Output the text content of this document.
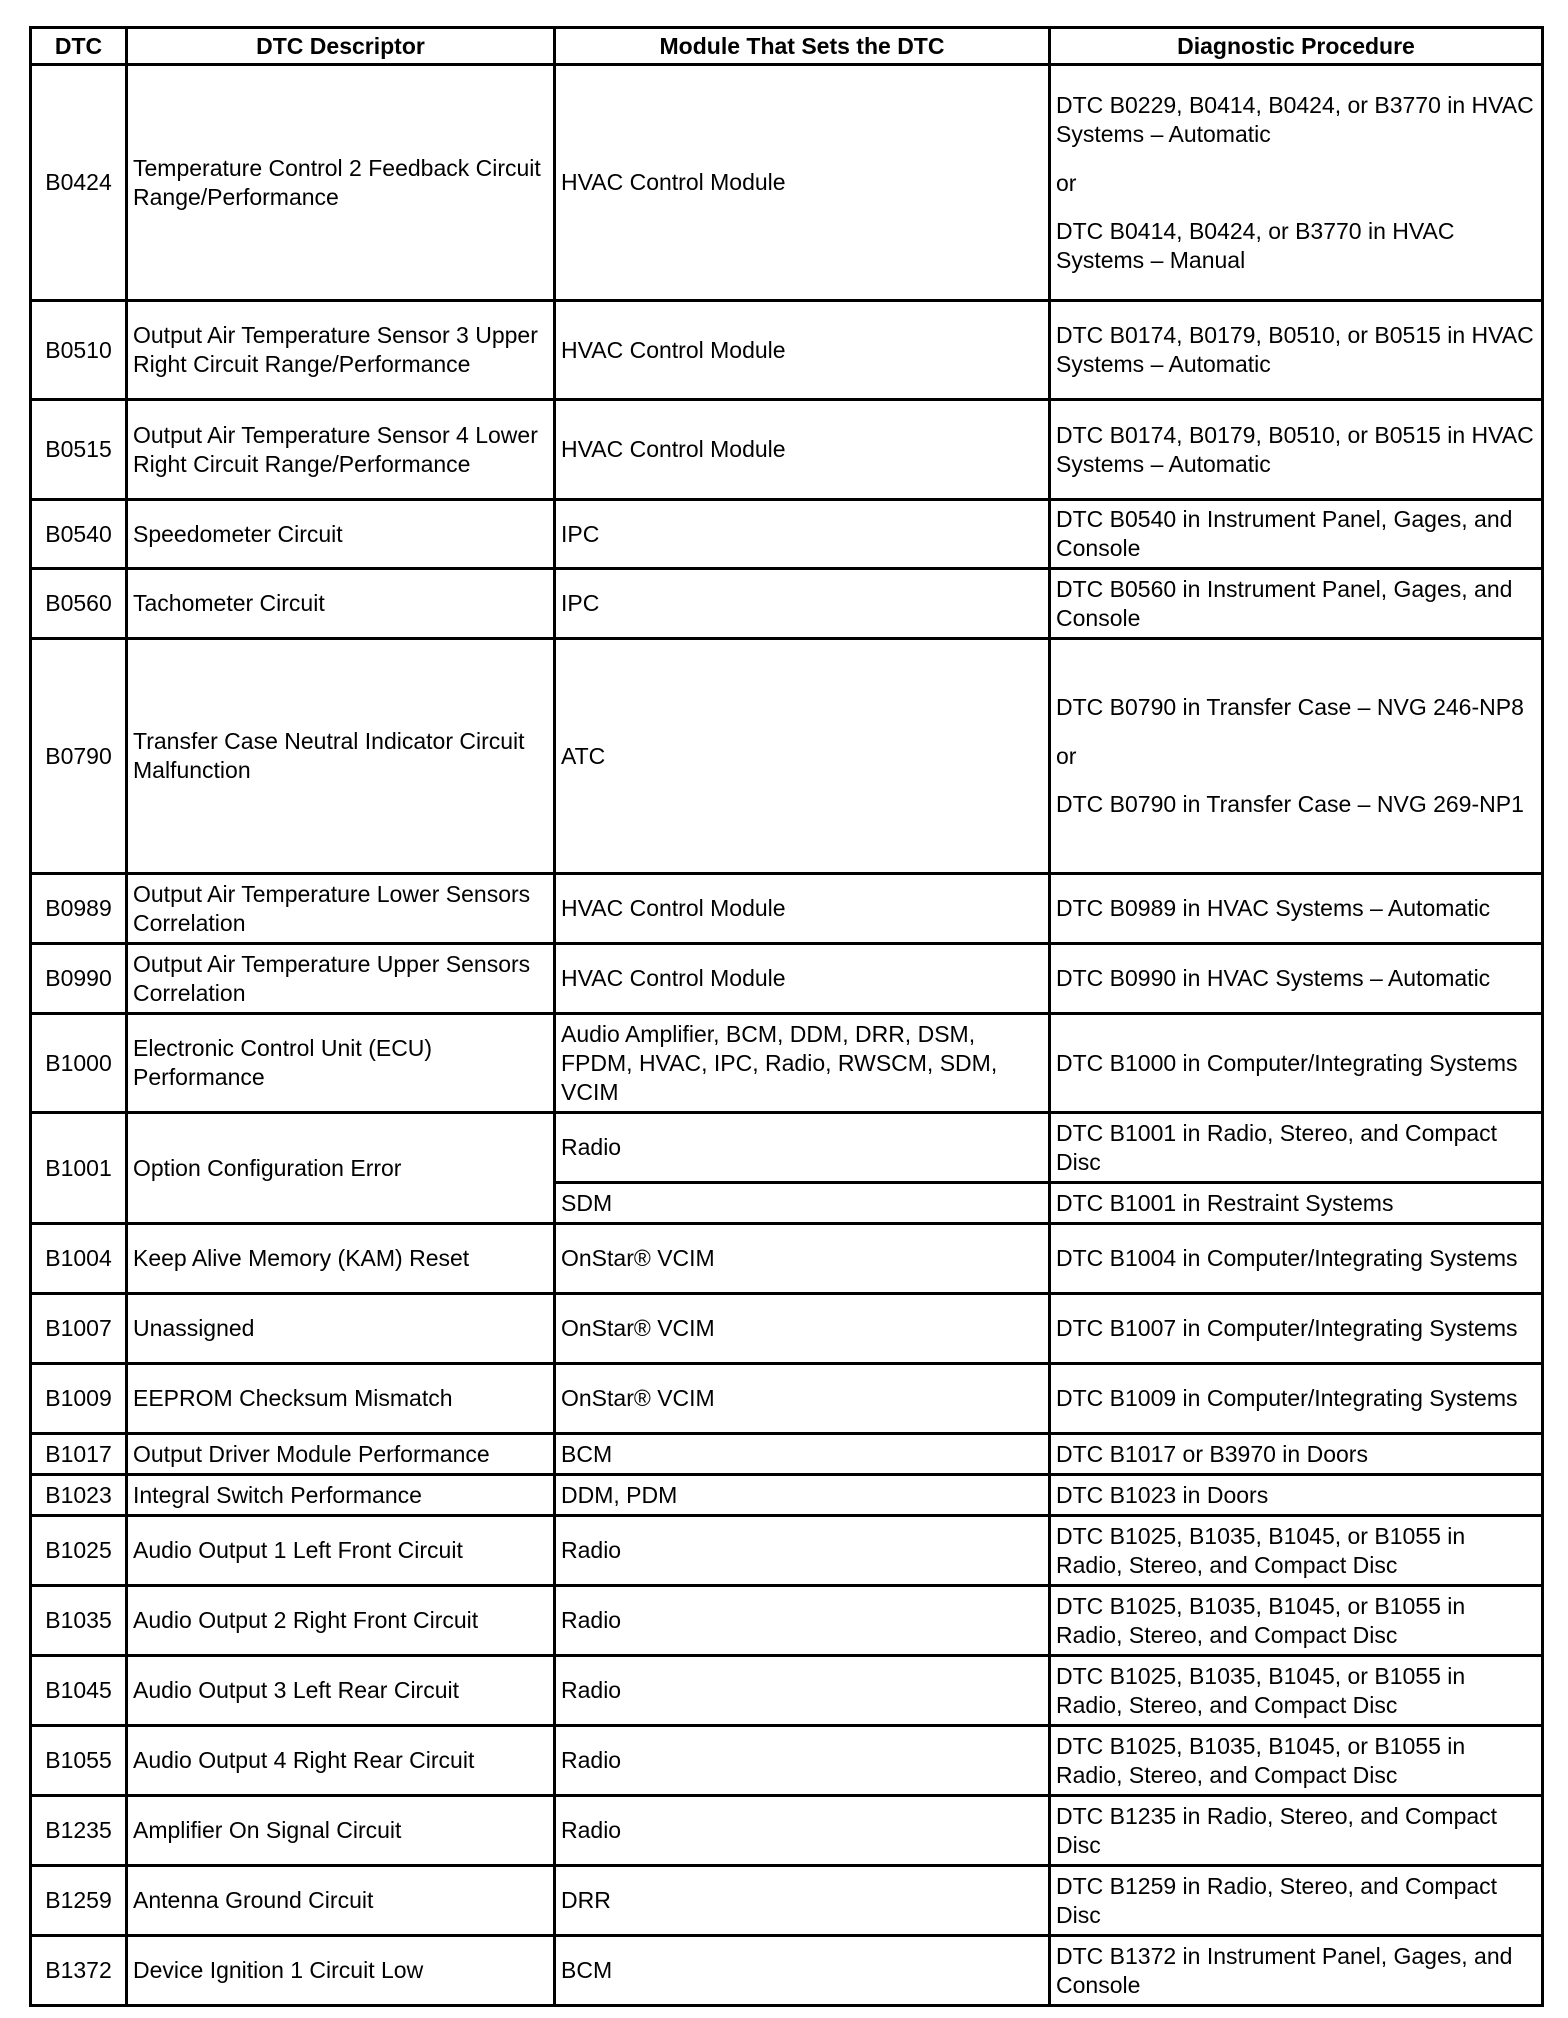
DTC	DTC Descriptor	Module That Sets the DTC	Diagnostic Procedure
B0424	Temperature Control 2 Feedback Circuit Range/Performance	HVAC Control Module	DTC B0229, B0414, B0424, or B3770 in HVAC Systems – Automatic
or
DTC B0414, B0424, or B3770 in HVAC Systems – Manual

B0510	Output Air Temperature Sensor 3 Upper Right Circuit Range/Performance	HVAC Control Module	DTC B0174, B0179, B0510, or B0515 in HVAC Systems – Automatic
B0515	Output Air Temperature Sensor 4 Lower Right Circuit Range/Performance	HVAC Control Module	DTC B0174, B0179, B0510, or B0515 in HVAC Systems – Automatic
B0540	Speedometer Circuit	IPC	DTC B0540 in Instrument Panel, Gages, and Console
B0560	Tachometer Circuit	IPC	DTC B0560 in Instrument Panel, Gages, and Console
B0790	Transfer Case Neutral Indicator Circuit Malfunction	ATC	DTC B0790 in Transfer Case – NVG 246-NP8
or
DTC B0790 in Transfer Case – NVG 269-NP1

B0989	Output Air Temperature Lower Sensors Correlation	HVAC Control Module	DTC B0989 in HVAC Systems – Automatic
B0990	Output Air Temperature Upper Sensors Correlation	HVAC Control Module	DTC B0990 in HVAC Systems – Automatic
B1000	Electronic Control Unit (ECU) Performance	Audio Amplifier, BCM, DDM, DRR, DSM, FPDM, HVAC, IPC, Radio, RWSCM, SDM, VCIM	DTC B1000 in Computer/Integrating Systems
B1001	Option Configuration Error	Radio	DTC B1001 in Radio, Stereo, and Compact Disc
		SDM	DTC B1001 in Restraint Systems
B1004	Keep Alive Memory (KAM) Reset	OnStar® VCIM	DTC B1004 in Computer/Integrating Systems
B1007	Unassigned	OnStar® VCIM	DTC B1007 in Computer/Integrating Systems
B1009	EEPROM Checksum Mismatch	OnStar® VCIM	DTC B1009 in Computer/Integrating Systems
B1017	Output Driver Module Performance	BCM	DTC B1017 or B3970 in Doors
B1023	Integral Switch Performance	DDM, PDM	DTC B1023 in Doors
B1025	Audio Output 1 Left Front Circuit	Radio	DTC B1025, B1035, B1045, or B1055 in Radio, Stereo, and Compact Disc
B1035	Audio Output 2 Right Front Circuit	Radio	DTC B1025, B1035, B1045, or B1055 in Radio, Stereo, and Compact Disc
B1045	Audio Output 3 Left Rear Circuit	Radio	DTC B1025, B1035, B1045, or B1055 in Radio, Stereo, and Compact Disc
B1055	Audio Output 4 Right Rear Circuit	Radio	DTC B1025, B1035, B1045, or B1055 in Radio, Stereo, and Compact Disc
B1235	Amplifier On Signal Circuit	Radio	DTC B1235 in Radio, Stereo, and Compact Disc
B1259	Antenna Ground Circuit	DRR	DTC B1259 in Radio, Stereo, and Compact Disc
B1372	Device Ignition 1 Circuit Low	BCM	DTC B1372 in Instrument Panel, Gages, and Console
